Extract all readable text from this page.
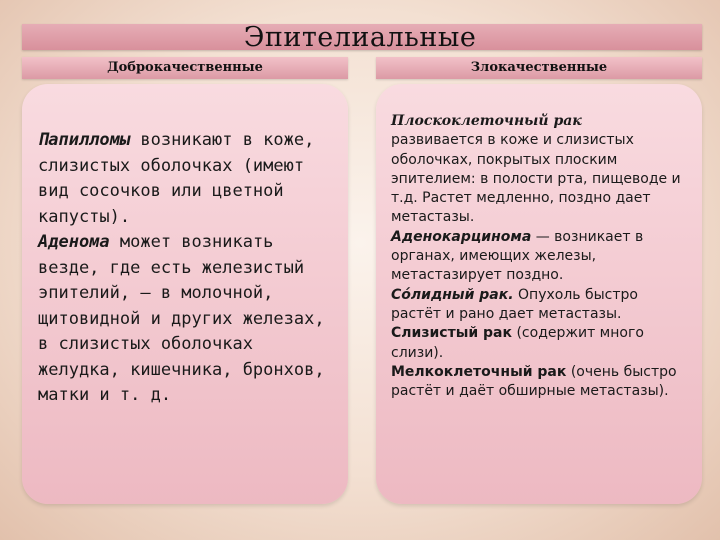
Эпителиальные
Доброкачественные	Злокачественные

Папилломы возникают в коже, слизистых оболочках (имеют вид сосочков или цветной капусты).
Аденома может возникать везде, где есть железистый эпителий, — в молочной, щитовидной и других железах, в слизистых оболочках желудка, кишечника, бронхов, матки и т. д.

Плоскоклеточный рак
развивается в коже и слизистых оболочках, покрытых плоским эпителием: в полости рта, пищеводе и т.д. Растет медленно, поздно дает метастазы.
Аденокарцинома — возникает в органах, имеющих железы, метастазирует поздно.
Со́лидный рак. Опухоль быстро растёт и рано дает метастазы.
Слизистый рак (содержит много слизи).
Мелкоклеточный рак (очень быстро растёт и даёт обширные метастазы).
